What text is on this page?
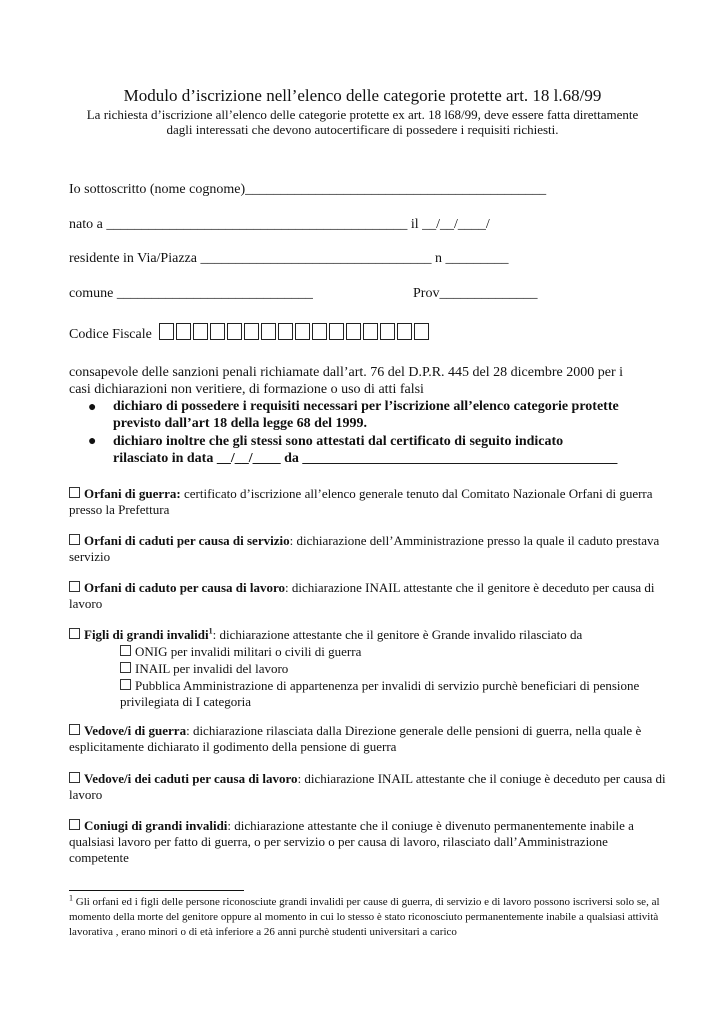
Modulo d’iscrizione nell’elenco delle categorie protette art. 18 l.68/99
La richiesta d’iscrizione all’elenco delle categorie protette ex art. 18 l68/99, deve essere fatta direttamente
dagli interessati che devono autocertificare di possedere i requisiti richiesti.
Io sottoscritto (nome cognome)___________________________________________
nato a ___________________________________________ il __/__/____/
residente in Via/Piazza _________________________________ n _________
comune ____________________________	Prov______________
Codice Fiscale
consapevole delle sanzioni penali richiamate dall’art. 76 del D.P.R. 445 del 28 dicembre 2000 per i
casi dichiarazioni non veritiere, di formazione o uso di atti falsi
● dichiaro di possedere i requisiti necessari per l’iscrizione all’elenco categorie protette
previsto dall’art 18 della legge 68 del 1999.
● dichiaro inoltre che gli stessi sono attestati dal certificato di seguito indicato
rilasciato in data __/__/____ da _____________________________________________
Orfani di guerra: certificato d’iscrizione all’elenco generale tenuto dal Comitato Nazionale Orfani di guerra presso la Prefettura
Orfani di caduti per causa di servizio: dichiarazione dell’Amministrazione presso la quale il caduto prestava servizio
Orfani di caduto per causa di lavoro: dichiarazione INAIL attestante che il genitore è deceduto per causa di lavoro
Figli di grandi invalidi$^1$: dichiarazione attestante che il genitore è Grande invalido rilasciato da
ONIG per invalidi militari o civili di guerra
INAIL per invalidi del lavoro
Pubblica Amministrazione di appartenenza per invalidi di servizio purchè beneficiari di pensione privilegiata di I categoria
Vedove/i di guerra: dichiarazione rilasciata dalla Direzione generale delle pensioni di guerra, nella quale è esplicitamente dichiarato il godimento della pensione di guerra
Vedove/i dei caduti per causa di lavoro: dichiarazione INAIL attestante che il coniuge è deceduto per causa di lavoro
Coniugi di grandi invalidi: dichiarazione attestante che il coniuge è divenuto permanentemente inabile a qualsiasi lavoro per fatto di guerra, o per servizio o per causa di lavoro, rilasciato dall’Amministrazione competente
$^1$ Gli orfani ed i figli delle persone riconosciute grandi invalidi per cause di guerra, di servizio e di lavoro possono iscriversi solo se, al momento della morte del genitore oppure al momento in cui lo stesso è stato riconosciuto permanentemente inabile a qualsiasi attività lavorativa , erano minori o di età inferiore a 26 anni purchè studenti universitari a carico
